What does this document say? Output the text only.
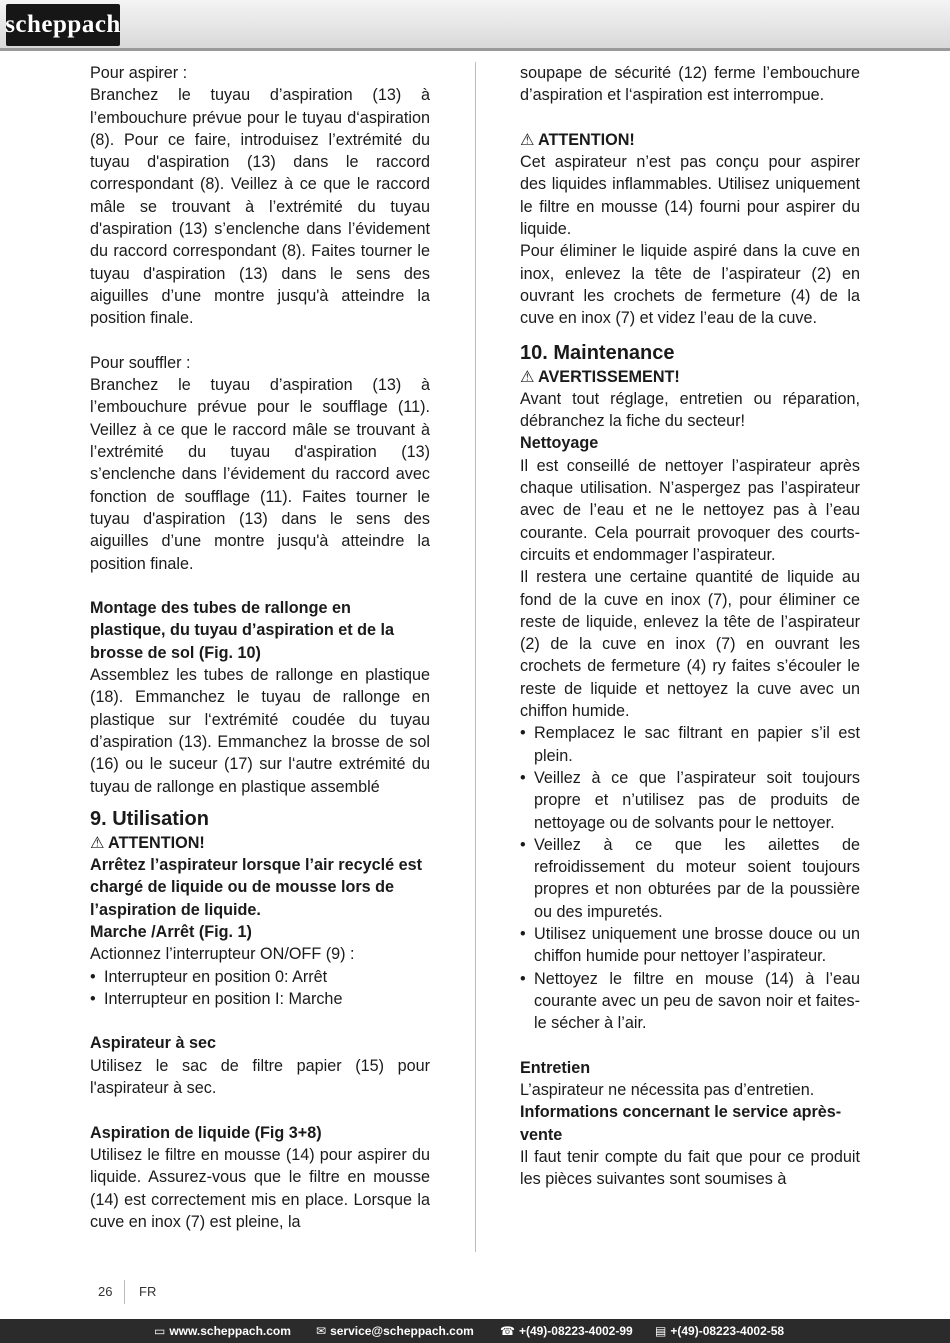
scheppach

Pour aspirer :

Branchez le tuyau d’aspiration (13) à l’embouchure prévue pour le tuyau d‘aspiration (8). Pour ce faire, introduisez l’extrémité du tuyau d'aspiration (13) dans le raccord correspondant (8). Veillez à ce que le raccord mâle se trouvant à l’extrémité du tuyau d'aspiration (13) s’enclenche dans l’évidement du raccord correspondant (8). Faites tourner le tuyau d'aspiration (13) dans le sens des aiguilles d’une montre jusqu'à atteindre la position finale.

Pour souffler :

Branchez le tuyau d’aspiration (13) à l’embouchure prévue pour le soufflage (11). Veillez à ce que le raccord mâle se trouvant à l’extrémité du tuyau d'aspiration (13) s’enclenche dans l’évidement du raccord avec fonction de soufflage (11). Faites tourner le tuyau d'aspiration (13) dans le sens des aiguilles d’une montre jusqu'à atteindre la position finale.

Montage des tubes de rallonge en plastique, du tuyau d’aspiration et de la brosse de sol (Fig. 10)

Assemblez les tubes de rallonge en plastique (18). Emmanchez le tuyau de rallonge en plastique sur l‘extrémité coudée du tuyau d’aspiration (13). Emmanchez la brosse de sol (16) ou le suceur (17) sur l‘autre extrémité du tuyau de rallonge en plastique assemblé

9. Utilisation

⚠ ATTENTION!

Arrêtez l’aspirateur lorsque l’air recyclé est chargé de liquide ou de mousse lors de l’aspiration de liquide.

Marche /Arrêt (Fig. 1)

Actionnez l’interrupteur ON/OFF (9) :

• Interrupteur en position 0: Arrêt
• Interrupteur en position I: Marche

Aspirateur à sec

Utilisez le sac de filtre papier (15) pour l'aspirateur à sec.

Aspiration de liquide (Fig 3+8)

Utilisez le filtre en mousse (14) pour aspirer du liquide. Assurez-vous que le filtre en mousse (14) est correctement mis en place. Lorsque la cuve en inox (7) est pleine, la

soupape de sécurité (12) ferme l’embouchure d’aspiration et l‘aspiration est interrompue.

⚠ ATTENTION!

Cet aspirateur n’est pas conçu pour aspirer des liquides inflammables. Utilisez uniquement le filtre en mousse (14) fourni pour aspirer du liquide.

Pour éliminer le liquide aspiré dans la cuve en inox, enlevez la tête de l’aspirateur (2) en ouvrant les crochets de fermeture (4) de la cuve en inox (7) et videz l’eau de la cuve.

10. Maintenance

⚠ AVERTISSEMENT!

Avant tout réglage, entretien ou réparation, débranchez la fiche du secteur!

Nettoyage

Il est conseillé de nettoyer l’aspirateur après chaque utilisation. N’aspergez pas l’aspirateur avec de l’eau et ne le nettoyez pas à l’eau courante. Cela pourrait provoquer des courts-circuits et endommager l’aspirateur.

Il restera une certaine quantité de liquide au fond de la cuve en inox (7), pour éliminer ce reste de liquide, enlevez la tête de l’aspirateur (2) de la cuve en inox (7) en ouvrant les crochets de fermeture (4) ry faites s’écouler le reste de liquide et nettoyez la cuve avec un chiffon humide.

• Remplacez le sac filtrant en papier s’il est plein.
• Veillez à ce que l’aspirateur soit toujours propre et n’utilisez pas de produits de nettoyage ou de solvants pour le nettoyer.
• Veillez à ce que les ailettes de refroidissement du moteur soient toujours propres et non obturées par de la poussière ou des impuretés.
• Utilisez uniquement une brosse douce ou un chiffon humide pour nettoyer l’aspirateur.
• Nettoyez le filtre en mouse (14) à l’eau courante avec un peu de savon noir et faites-le sécher à l’air.

Entretien

L’aspirateur ne nécessita pas d’entretien.

Informations concernant le service après-vente

Il faut tenir compte du fait que pour ce produit les pièces suivantes sont soumises à

26 FR
▭ www.scheppach.com ✉ service@scheppach.com ☎ +(49)-08223-4002-99 ▤ +(49)-08223-4002-58
